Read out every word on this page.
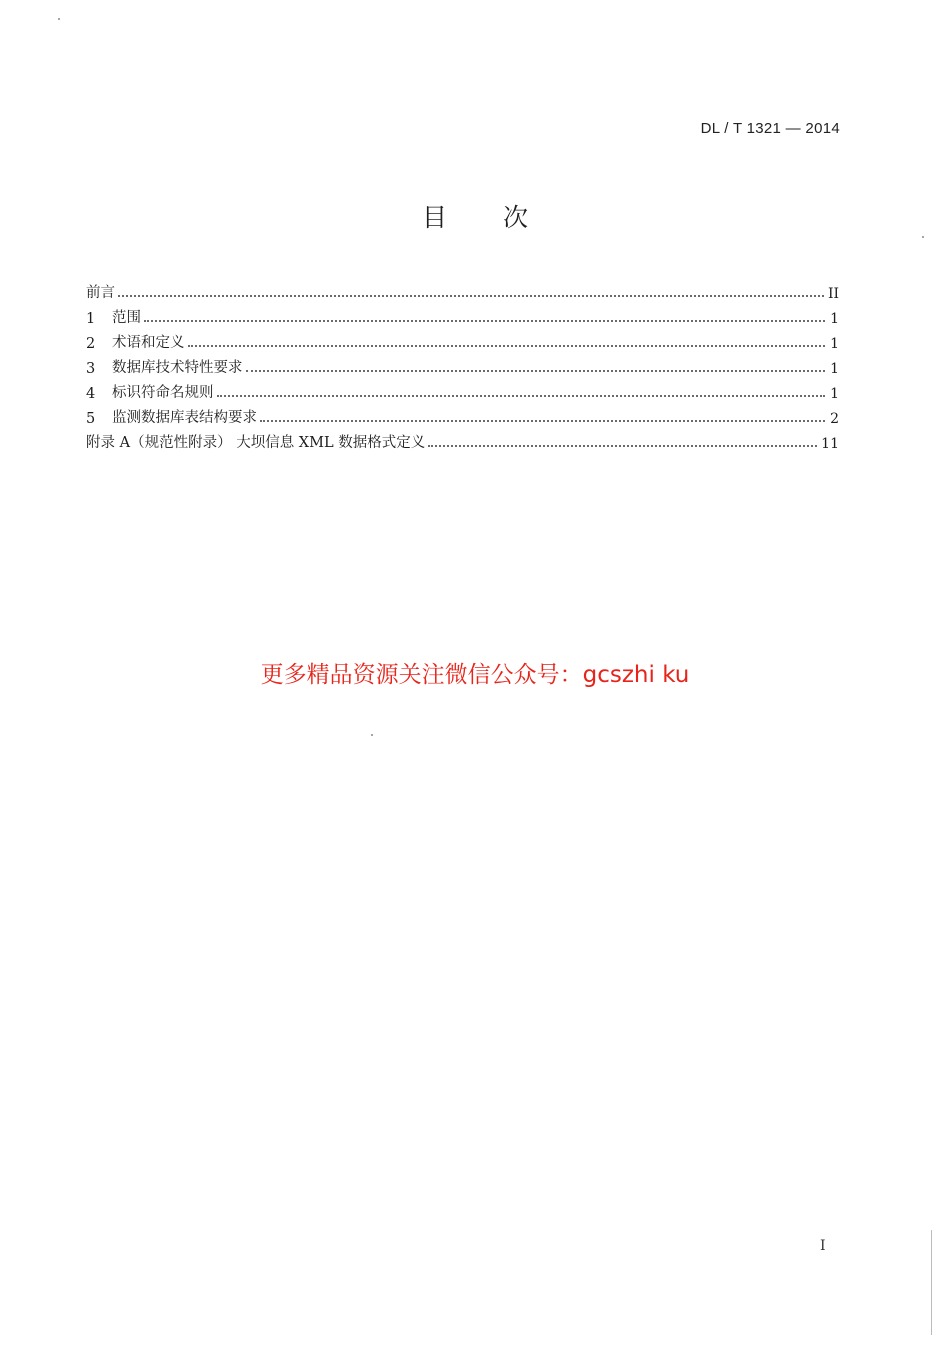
DL / T 1321 — 2014
目 次
前言	II
1	范围	1
2	术语和定义	1
3	数据库技术特性要求	1
4	标识符命名规则	1
5	监测数据库表结构要求	2
附录 A（规范性附录） 大坝信息 XML 数据格式定义	11
更多精品资源关注微信公众号：gcszhi ku
I
